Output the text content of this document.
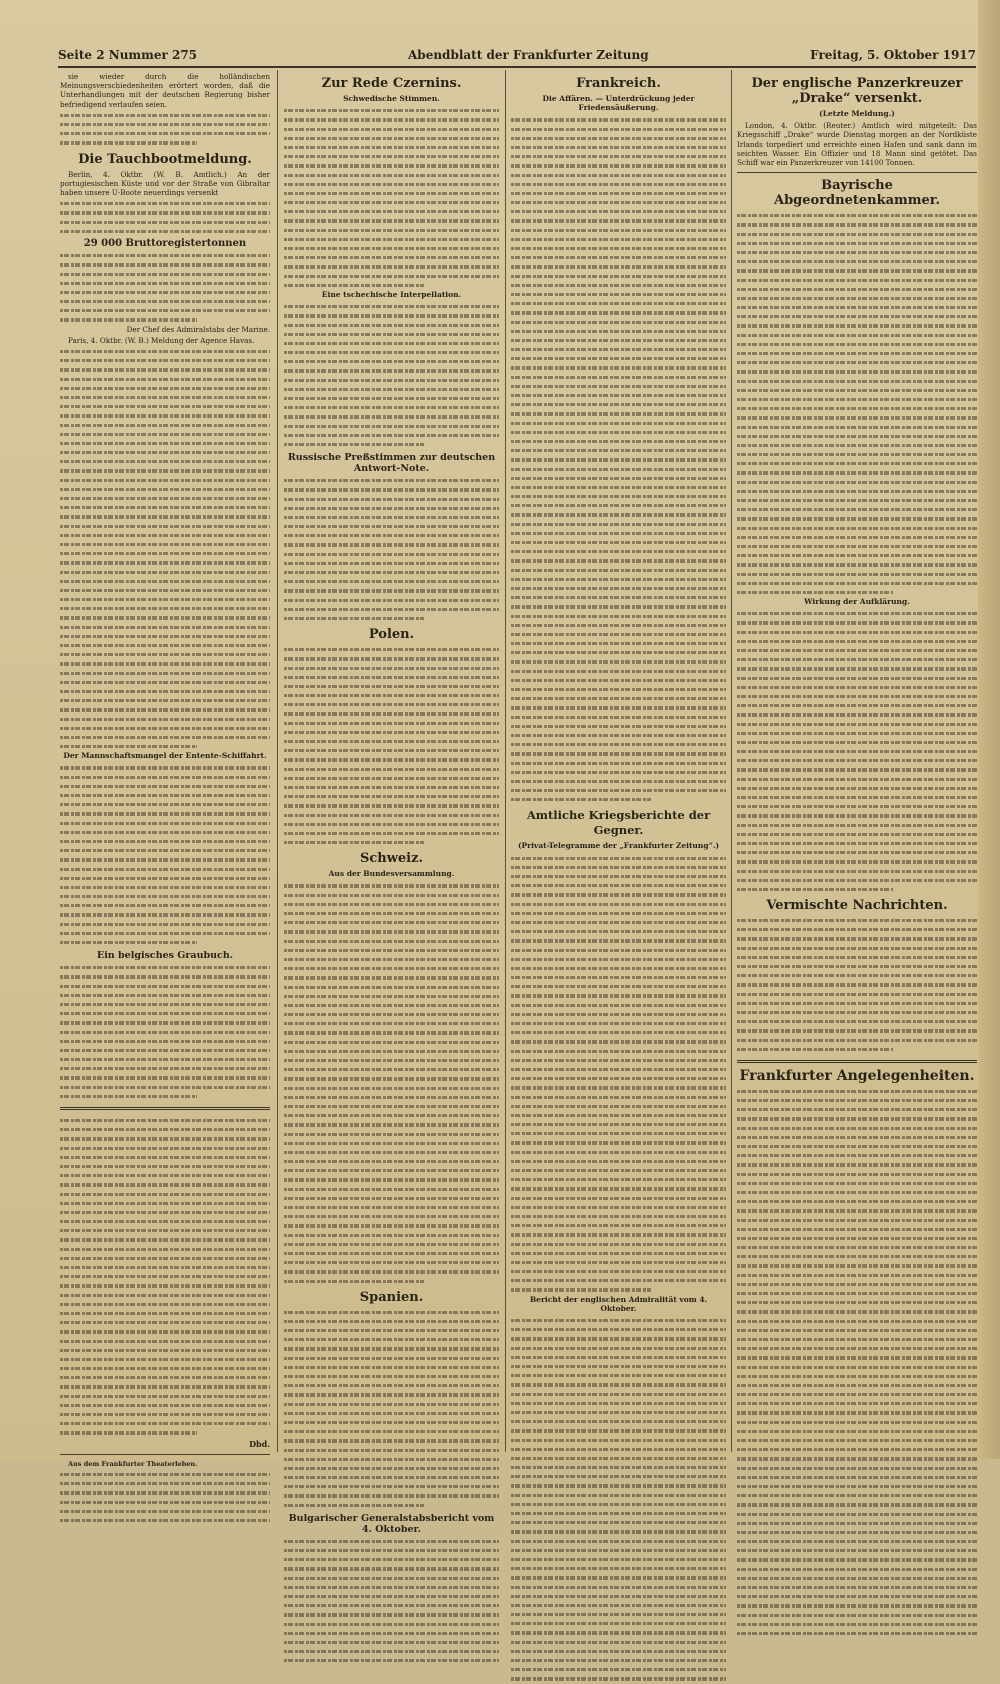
Seite 2 Nummer 275	Abendblatt der Frankfurter Zeitung	Freitag, 5. Oktober 1917

sie wieder durch die holländischen Meinungsverschiedenheiten erörtert worden, daß die Unterhandlungen mit der deutschen Regierung bisher befriedigend verlaufen seien.

Die Tauchbootmeldung.

Berlin, 4. Oktbr. (W. B. Amtlich.) An der portugiesischen Küste und vor der Straße von Gibraltar haben unsere U-Boote neuerdings versenkt

29 000 Bruttoregistertonnen

Der Chef des Admiralstabs der Marine.

Paris, 4. Oktbr. (W. B.) Meldung der Agence Havas.

Der Mannschaftsmangel der Entente-Schiffahrt.
Ein belgisches Graubuch.
Dbd.

Aus dem Frankfurter Theaterleben.

Zur Rede Czernins.
Schwedische Stimmen.
Eine tschechische Interpellation.
Russische Preßstimmen zur deutschen Antwort-Note.
Polen.
Schweiz.
Aus der Bundesversammlung.
Spanien.
Bulgarischer Generalstabsbericht vom 4. Oktober.
Frankreich.
Die Affären. — Unterdrückung jeder Friedensäußerung.
Amtliche Kriegsberichte der Gegner.
(Privat-Telegramme der „Frankfurter Zeitung“.)
Bericht der englischen Admiralität vom 4. Oktober.
Der englische Panzerkreuzer „Drake“ versenkt.
(Letzte Meldung.)

London, 4. Oktbr. (Reuter.) Amtlich wird mitgeteilt: Das Kriegsschiff „Drake“ wurde Dienstag morgen an der Nordküste Irlands torpediert und erreichte einen Hafen und sank dann im seichten Wasser. Ein Offizier und 18 Mann sind getötet. Das Schiff war ein Panzerkreuzer von 14100 Tonnen.

Bayrische Abgeordnetenkammer.
Wirkung der Aufklärung.
Vermischte Nachrichten.
Frankfurter Angelegenheiten.
